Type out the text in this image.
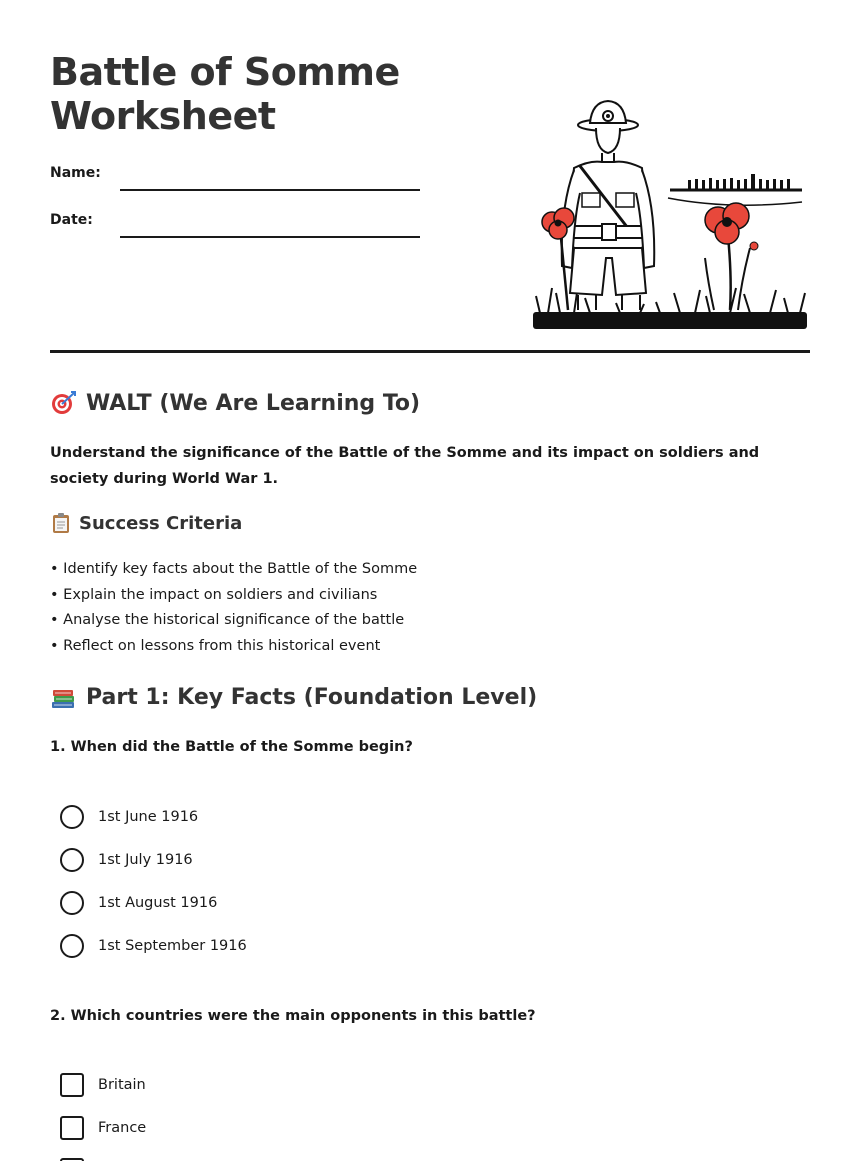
Battle of Somme
Worksheet
Name:
Date:
WALT (We Are Learning To)
Understand the significance of the Battle of the Somme and its impact on soldiers and society during World War 1.
Success Criteria
• Identify key facts about the Battle of the Somme
• Explain the impact on soldiers and civilians
• Analyse the historical significance of the battle
• Reflect on lessons from this historical event
Part 1: Key Facts (Foundation Level)
1. When did the Battle of the Somme begin?
1st June 1916
1st July 1916
1st August 1916
1st September 1916
2. Which countries were the main opponents in this battle?
Britain
France
